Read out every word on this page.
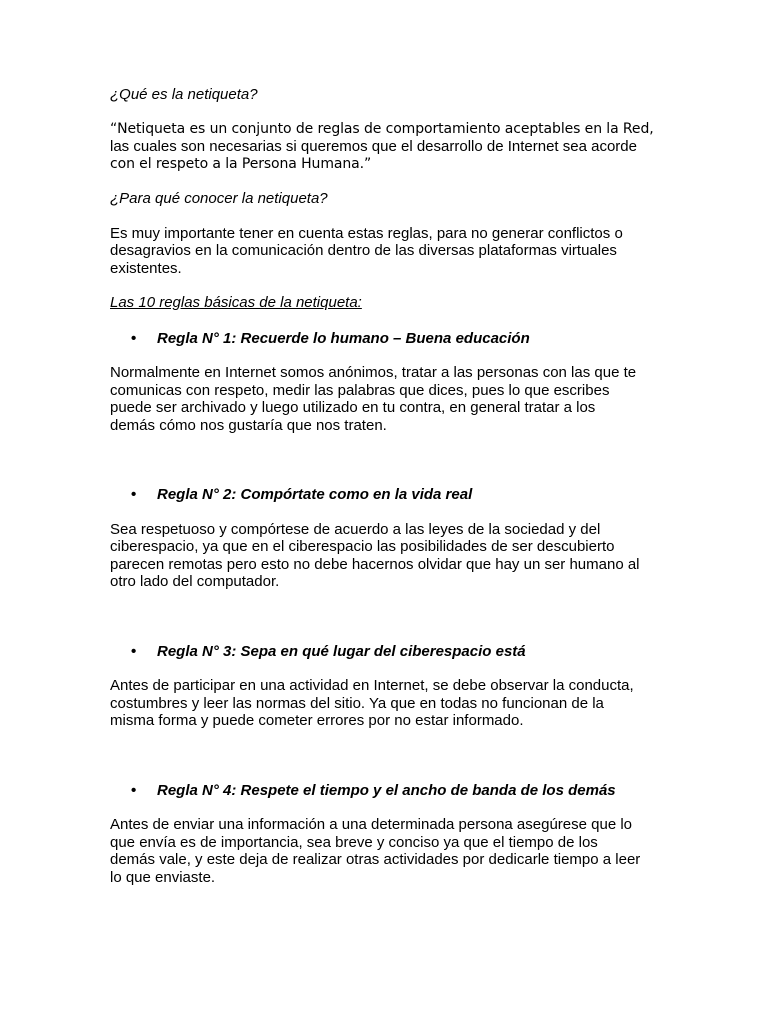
¿Qué es la netiqueta?

“Netiqueta es un conjunto de reglas de comportamiento aceptables en la Red,
las cuales son necesarias si queremos que el desarrollo de Internet sea acorde
con el respeto a la Persona Humana.”

¿Para qué conocer la netiqueta?

Es muy importante tener en cuenta estas reglas, para no generar conflictos o
desagravios en la comunicación dentro de las diversas plataformas virtuales
existentes.

Las 10 reglas básicas de la netiqueta:

• Regla N° 1: Recuerde lo humano – Buena educación

Normalmente en Internet somos anónimos, tratar a las personas con las que te
comunicas con respeto, medir las palabras que dices, pues lo que escribes
puede ser archivado y luego utilizado en tu contra, en general tratar a los
demás cómo nos gustaría que nos traten.

• Regla N° 2: Compórtate como en la vida real

Sea respetuoso y compórtese de acuerdo a las leyes de la sociedad y del
ciberespacio, ya que en el ciberespacio las posibilidades de ser descubierto
parecen remotas pero esto no debe hacernos olvidar que hay un ser humano al
otro lado del computador.

• Regla N° 3: Sepa en qué lugar del ciberespacio está

Antes de participar en una actividad en Internet, se debe observar la conducta,
costumbres y leer las normas del sitio. Ya que en todas no funcionan de la
misma forma y puede cometer errores por no estar informado.

• Regla N° 4: Respete el tiempo y el ancho de banda de los demás

Antes de enviar una información a una determinada persona asegúrese que lo
que envía es de importancia, sea breve y conciso ya que el tiempo de los
demás vale, y este deja de realizar otras actividades por dedicarle tiempo a leer
lo que enviaste.
